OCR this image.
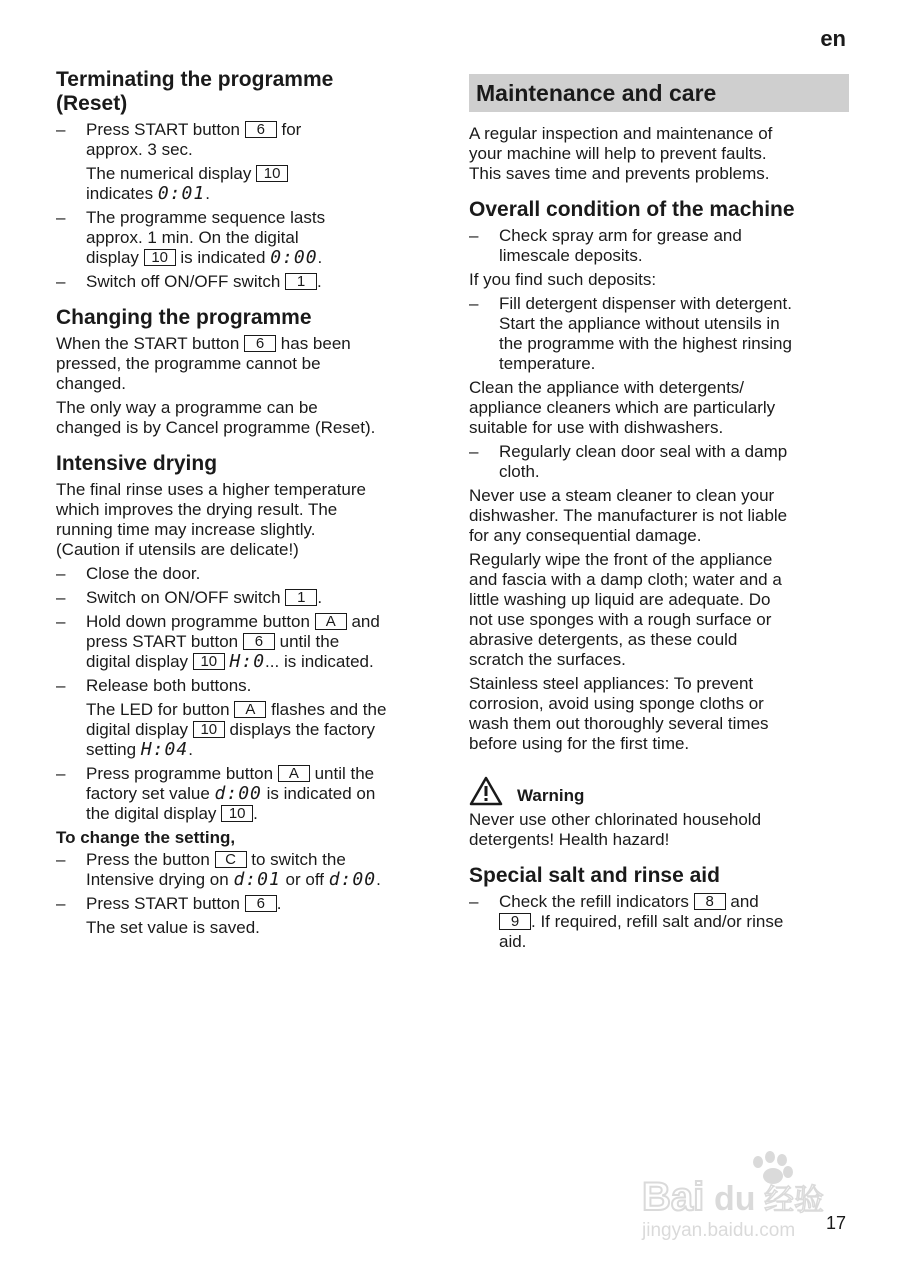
en
Terminating the programme
(Reset)
– Press START button 6 for
approx. 3 sec.
The numerical display 10
indicates 0:01.
– The programme sequence lasts
approx. 1 min. On the digital
display 10 is indicated 0:00.
– Switch off ON/OFF switch 1 .
Changing the programme

When the START button 6 has been
pressed, the programme cannot be
changed.

The only way a programme can be
changed is by Cancel programme (Reset).

Intensive drying

The final rinse uses a higher temperature
which improves the drying result. The
running time may increase slightly.
(Caution if utensils are delicate!)

– Close the door.
– Switch on ON/OFF switch 1 .
– Hold down programme button A and
press START button 6 until the
digital display 10 H:0... is indicated.
– Release both buttons.
The LED for button A flashes and the
digital display 10 displays the factory
setting H:04.
– Press programme button A until the
factory set value d:00 is indicated on
the digital display 10 .
To change the setting,
– Press the button C to switch the
Intensive drying on d:01 or off d:00.
– Press START button 6 .
The set value is saved.
Maintenance and care

A regular inspection and maintenance of
your machine will help to prevent faults.
This saves time and prevents problems.

Overall condition of the machine
– Check spray arm for grease and
limescale deposits.

If you find such deposits:

– Fill detergent dispenser with detergent.
Start the appliance without utensils in
the programme with the highest rinsing
temperature.

Clean the appliance with detergents/
appliance cleaners which are particularly
suitable for use with dishwashers.

– Regularly clean door seal with a damp
cloth.

Never use a steam cleaner to clean your
dishwasher. The manufacturer is not liable
for any consequential damage.

Regularly wipe the front of the appliance
and fascia with a damp cloth; water and a
little washing up liquid are adequate. Do
not use sponges with a rough surface or
abrasive detergents, as these could
scratch the surfaces.

Stainless steel appliances: To prevent
corrosion, avoid using sponge cloths or
wash them out thoroughly several times
before using for the first time.

Warning

Never use other chlorinated household
detergents! Health hazard!

Special salt and rinse aid
– Check the refill indicators 8 and
9 . If required, refill salt and/or rinse
aid.
Bai du 经验
jingyan.baidu.com 17
